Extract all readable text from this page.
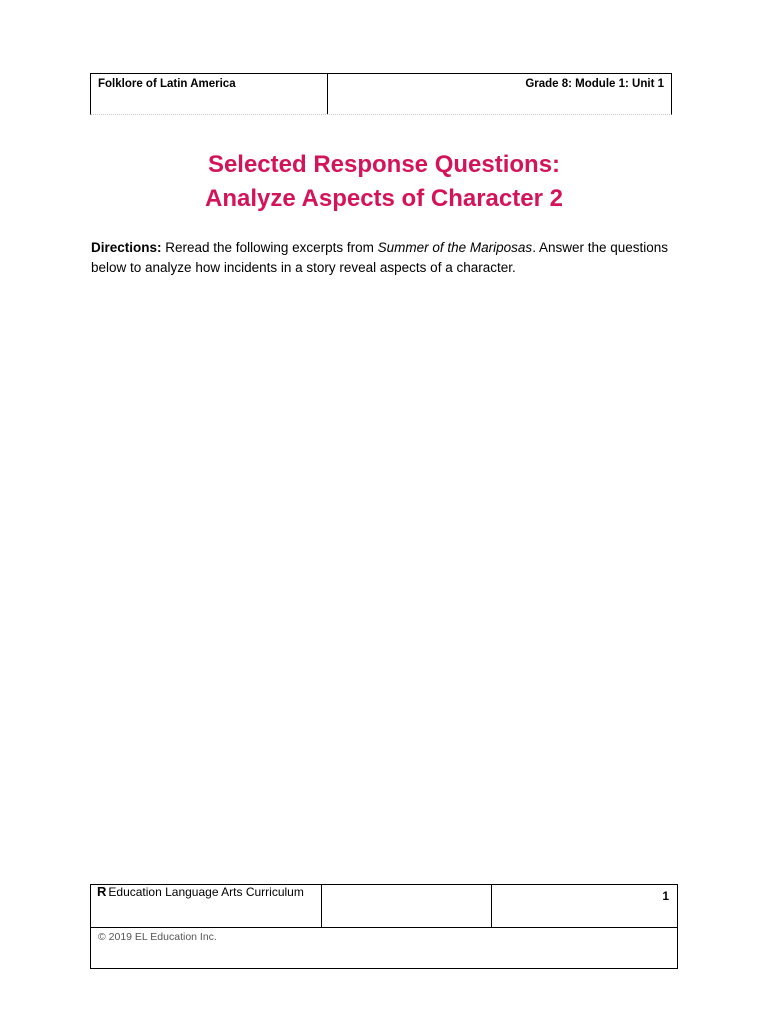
Folklore of Latin America	Grade 8: Module 1: Unit 1
Selected Response Questions:
Analyze Aspects of Character 2
Directions: Reread the following excerpts from Summer of the Mariposas. Answer the questions below to analyze how incidents in a story reveal aspects of a character.
R Education Language Arts Curriculum	1
© 2019 EL Education Inc.
